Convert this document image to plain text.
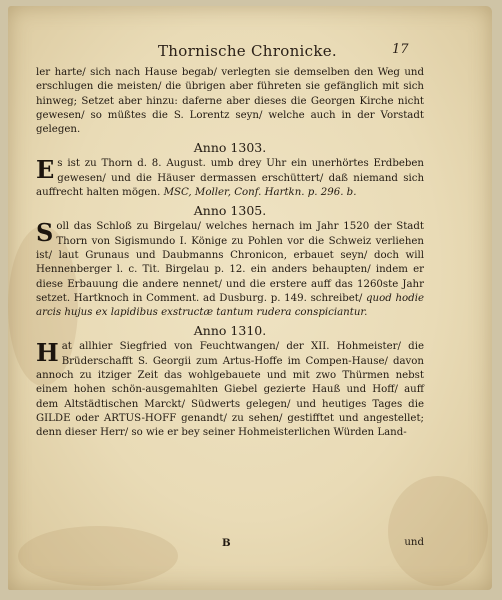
Thornische Chronicke.	17

ler harte/ sich nach Hause begab/ verlegten sie demselben den Weg und erschlugen die meisten/ die übrigen aber führeten sie gefänglich mit sich hinweg; Setzet aber hinzu: daferne aber dieses die Georgen Kirche nicht gewesen/ so müßtes die S. Lorentz seyn/ welche auch in der Vorstadt gelegen.

Anno 1303.

Es ist zu Thorn d. 8. August. umb drey Uhr ein unerhörtes Erdbeben gewesen/ und die Häuser dermassen erschüttert/ daß niemand sich auffrecht halten mögen. MSC, Moller, Conf. Hartkn. p. 296. b.

Anno 1305.

Soll das Schloß zu Birgelau/ welches hernach im Jahr 1520 der Stadt Thorn von Sigismundo I. Könige zu Pohlen vor die Schweiz verliehen ist/ laut Grunaus und Daubmanns Chronicon, erbauet seyn/ doch will Hennenberger l. c. Tit. Birgelau p. 12. ein anders behaupten/ indem er diese Erbauung die andere nennet/ und die erstere auff das 1260ste Jahr setzet. Hartknoch in Comment. ad Dusburg. p. 149. schreibet/ quod hodie arcis hujus ex lapidibus exstructæ tantum rudera conspiciantur.

Anno 1310.

Hat allhier Siegfried von Feuchtwangen/ der XII. Hohmeister/ die Brüderschafft S. Georgii zum Artus-Hoffe im Compen-Hause/ davon annoch zu itziger Zeit das wohlgebauete und mit zwo Thürmen nebst einem hohen schön-ausgemahlten Giebel gezierte Hauß und Hoff/ auff dem Altstädtischen Marckt/ Südwerts gelegen/ und heutiges Tages die GILDE oder ARTUS-HOFF genandt/ zu sehen/ gestifftet und angestellet; denn dieser Herr/ so wie er bey seiner Hohmeisterlichen Würden Land-

B	und
